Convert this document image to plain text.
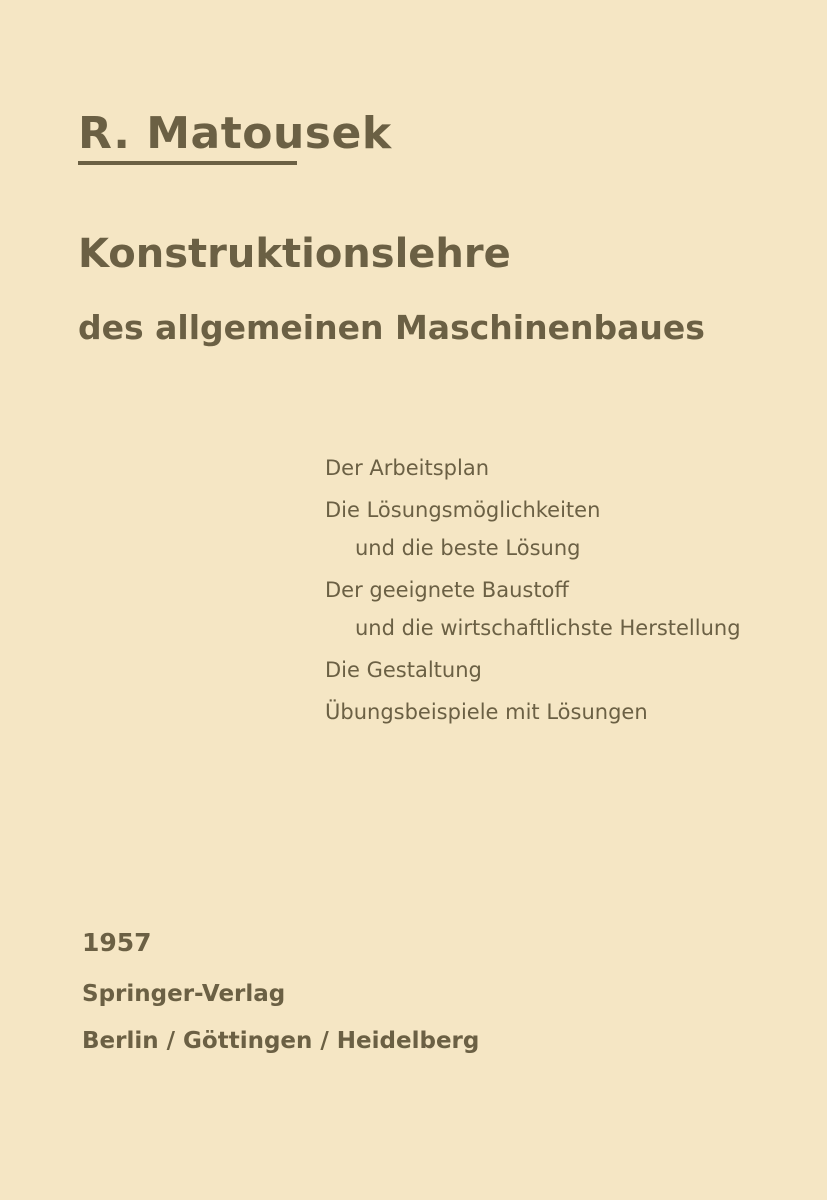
R. Matousek
Konstruktionslehre
des allgemeinen Maschinenbaues
Der Arbeitsplan
Die Lösungsmöglichkeiten
und die beste Lösung
Der geeignete Baustoff
und die wirtschaftlichste Herstellung
Die Gestaltung
Übungsbeispiele mit Lösungen
1957
Springer-Verlag
Berlin / Göttingen / Heidelberg
